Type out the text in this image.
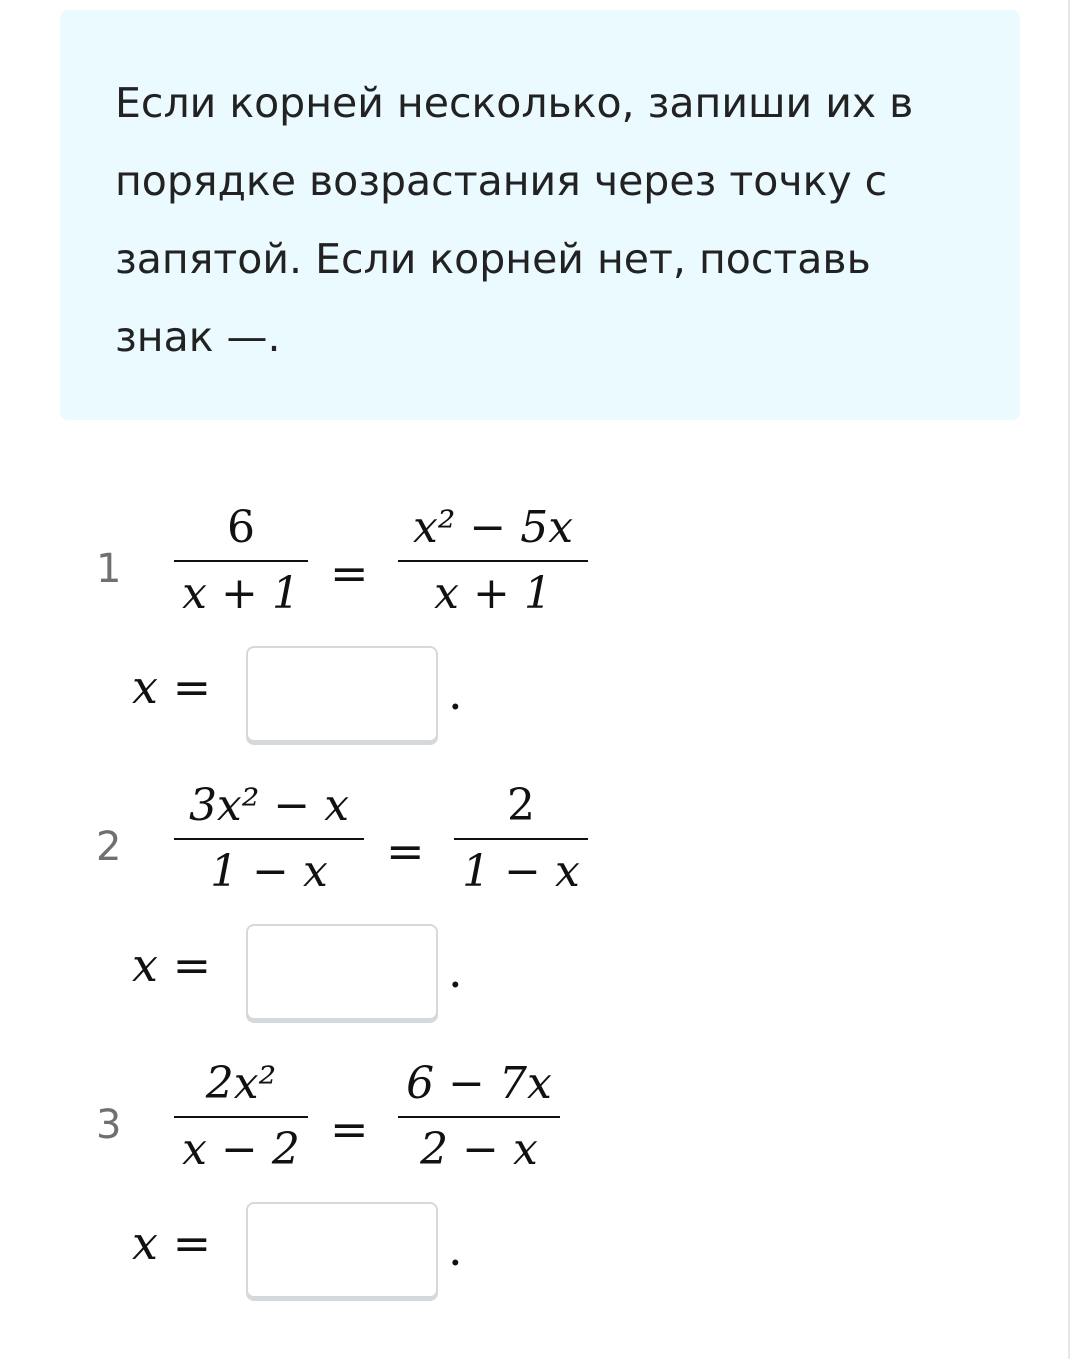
Если корней несколько, запиши их в порядке возрастания через точку с запятой. Если корней нет, поставь знак —.

1
6
x + 1 =
x² − 5x
x + 1
x =	.
2
3x² − x
1 − x	=
2
1 − x
x =	.
3
2x²
x − 2 =
6 − 7x
2 − x
x =	.
